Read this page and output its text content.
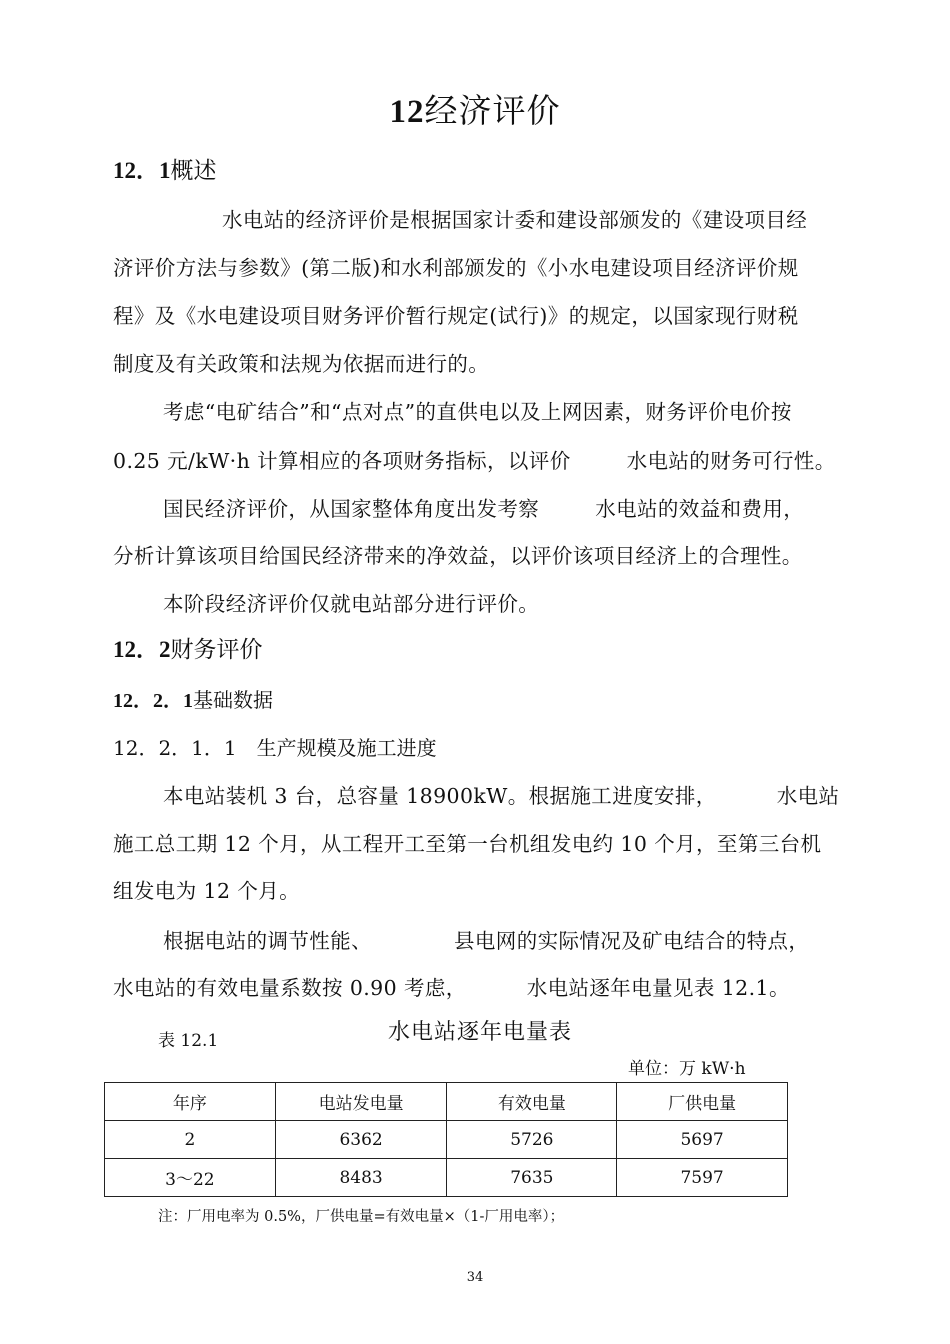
12经济评价
12．1概述
水电站的经济评价是根据国家计委和建设部颁发的《建设项目经
济评价方法与参数》(第二版)和水利部颁发的《小水电建设项目经济评价规
程》及《水电建设项目财务评价暂行规定(试行)》的规定，以国家现行财税
制度及有关政策和法规为依据而进行的。
考虑“电矿结合”和“点对点”的直供电以及上网因素，财务评价电价按
0.25 元/kW·h 计算相应的各项财务指标，以评价	水电站的财务可行性。
国民经济评价，从国家整体角度出发考察	水电站的效益和费用，
分析计算该项目给国民经济带来的净效益，以评价该项目经济上的合理性。
本阶段经济评价仅就电站部分进行评价。
12．2财务评价
12．2．1基础数据
12．2．1．1　生产规模及施工进度
本电站装机 3 台，总容量 18900kW。根据施工进度安排，	水电站
施工总工期 12 个月，从工程开工至第一台机组发电约 10 个月，至第三台机
组发电为 12 个月。
根据电站的调节性能、	县电网的实际情况及矿电结合的特点，
水电站的有效电量系数按 0.90 考虑，	水电站逐年电量见表 12.1。
表 12.1	水电站逐年电量表
单位：万 kW·h
年序	电站发电量	有效电量	厂供电量
2	6362	5726	5697
3～22	8483	7635	7597
注：厂用电率为 0.5%，厂供电量=有效电量×（1-厂用电率）；
34
